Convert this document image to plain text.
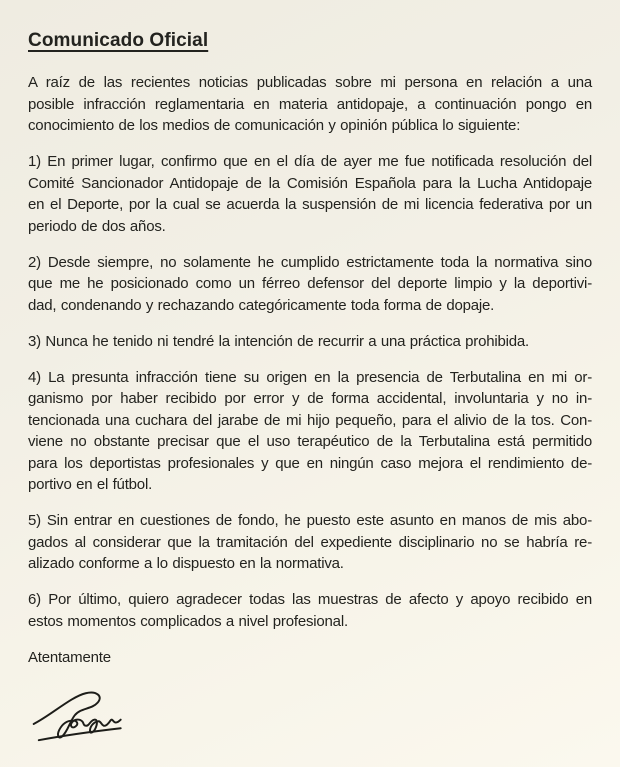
Comunicado Oficial
A raíz de las recientes noticias publicadas sobre mi persona en relación a una
posible infracción reglamentaria en materia antidopaje, a continuación pongo en
conocimiento de los medios de comunicación y opinión pública lo siguiente:
1) En primer lugar, confirmo que en el día de ayer me fue notificada resolución del
Comité Sancionador Antidopaje de la Comisión Española para la Lucha Antidopaje
en el Deporte, por la cual se acuerda la suspensión de mi licencia federativa por un
periodo de dos años.
2) Desde siempre, no solamente he cumplido estrictamente toda la normativa sino
que me he posicionado como un férreo defensor del deporte limpio y la deportivi-
dad, condenando y rechazando categóricamente toda forma de dopaje.
3) Nunca he tenido ni tendré la intención de recurrir a una práctica prohibida.
4) La presunta infracción tiene su origen en la presencia de Terbutalina en mi or-
ganismo por haber recibido por error y de forma accidental, involuntaria y no in-
tencionada una cuchara del jarabe de mi hijo pequeño, para el alivio de la tos. Con-
viene no obstante precisar que el uso terapéutico de la Terbutalina está permitido
para los deportistas profesionales y que en ningún caso mejora el rendimiento de-
portivo en el fútbol.
5) Sin entrar en cuestiones de fondo, he puesto este asunto en manos de mis abo-
gados al considerar que la tramitación del expediente disciplinario no se habría re-
alizado conforme a lo dispuesto en la normativa.
6) Por último, quiero agradecer todas las muestras de afecto y apoyo recibido en
estos momentos complicados a nivel profesional.

Atentamente
